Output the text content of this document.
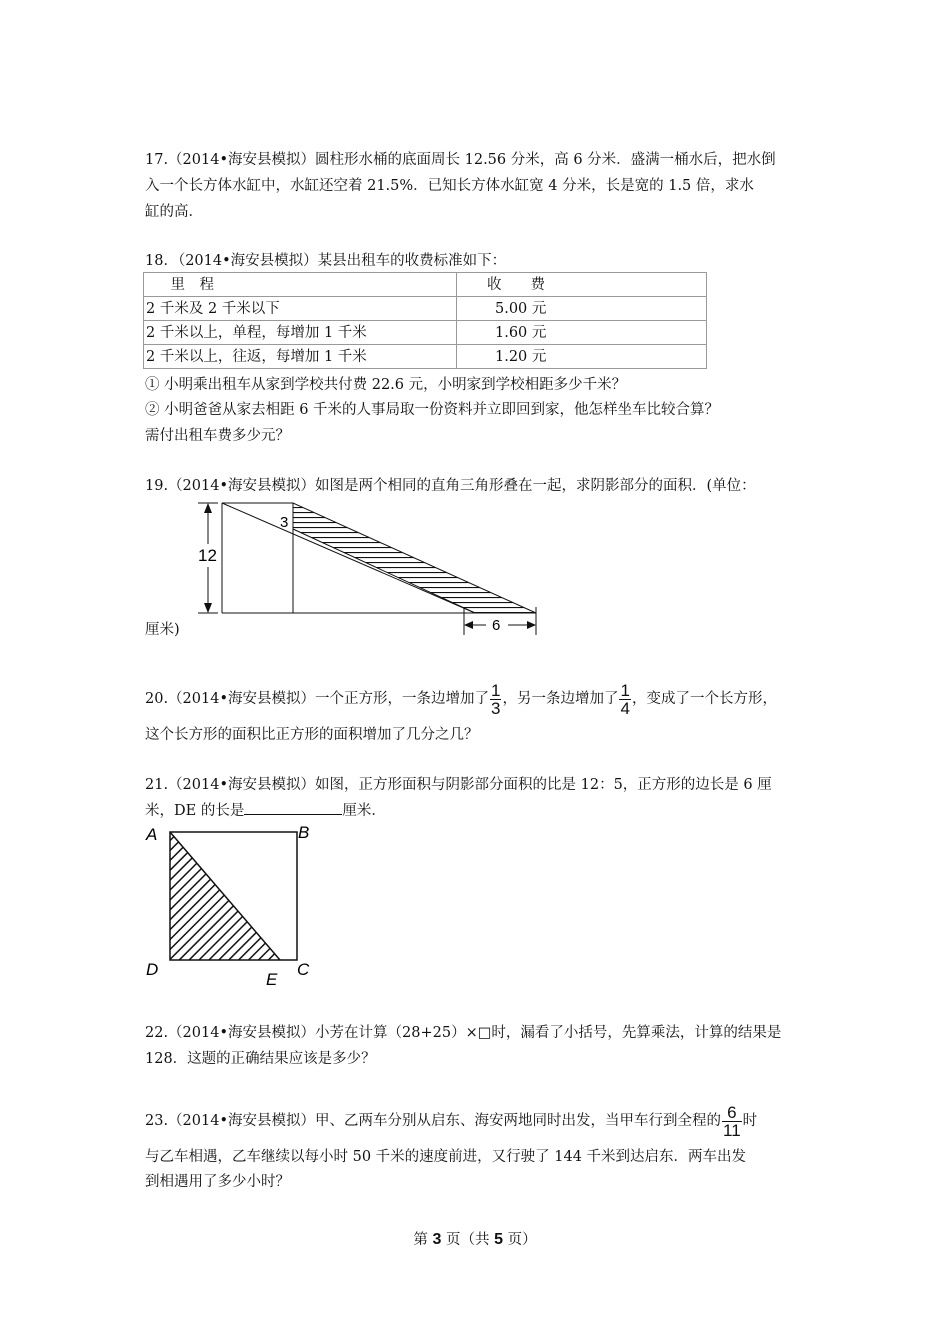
17.（2014•海安县模拟）圆柱形水桶的底面周长 12.56 分米，高 6 分米．盛满一桶水后，把水倒
入一个长方体水缸中，水缸还空着 21.5%．已知长方体水缸宽 4 分米，长是宽的 1.5 倍，求水
缸的高．
18．（2014•海安县模拟）某县出租车的收费标准如下：
　里　程	收　　费
2 千米及 2 千米以下	5.00 元
2 千米以上，单程，每增加 1 千米	1.60 元
2 千米以上，往返，每增加 1 千米	1.20 元
① 小明乘出租车从家到学校共付费 22.6 元，小明家到学校相距多少千米？
② 小明爸爸从家去相距 6 千米的人事局取一份资料并立即回到家，他怎样坐车比较合算？
需付出租车费多少元？
19.（2014•海安县模拟）如图是两个相同的直角三角形叠在一起，求阴影部分的面积．(单位：
12
3
6
厘米)
20.（2014•海安县模拟）一个正方形，一条边增加了 $\frac{1}{3}$ ，另一条边增加了 $\frac{1}{4}$ ，变成了一个长方形，
这个长方形的面积比正方形的面积增加了几分之几？
21.（2014•海安县模拟）如图，正方形面积与阴影部分面积的比是 12：5，正方形的边长是 6 厘
米，DE 的长是	厘米．
A	B
C
D
E
22.（2014•海安县模拟）小芳在计算（28+25）×□时，漏看了小括号，先算乘法，计算的结果是
128．这题的正确结果应该是多少？
23.（2014•海安县模拟）甲、乙两车分别从启东、海安两地同时出发，当甲车行到全程的 $\frac{6}{11}$ 时
与乙车相遇，乙车继续以每小时 50 千米的速度前进，又行驶了 144 千米到达启东．两车出发
到相遇用了多少小时？
第 3 页（共 5 页）
